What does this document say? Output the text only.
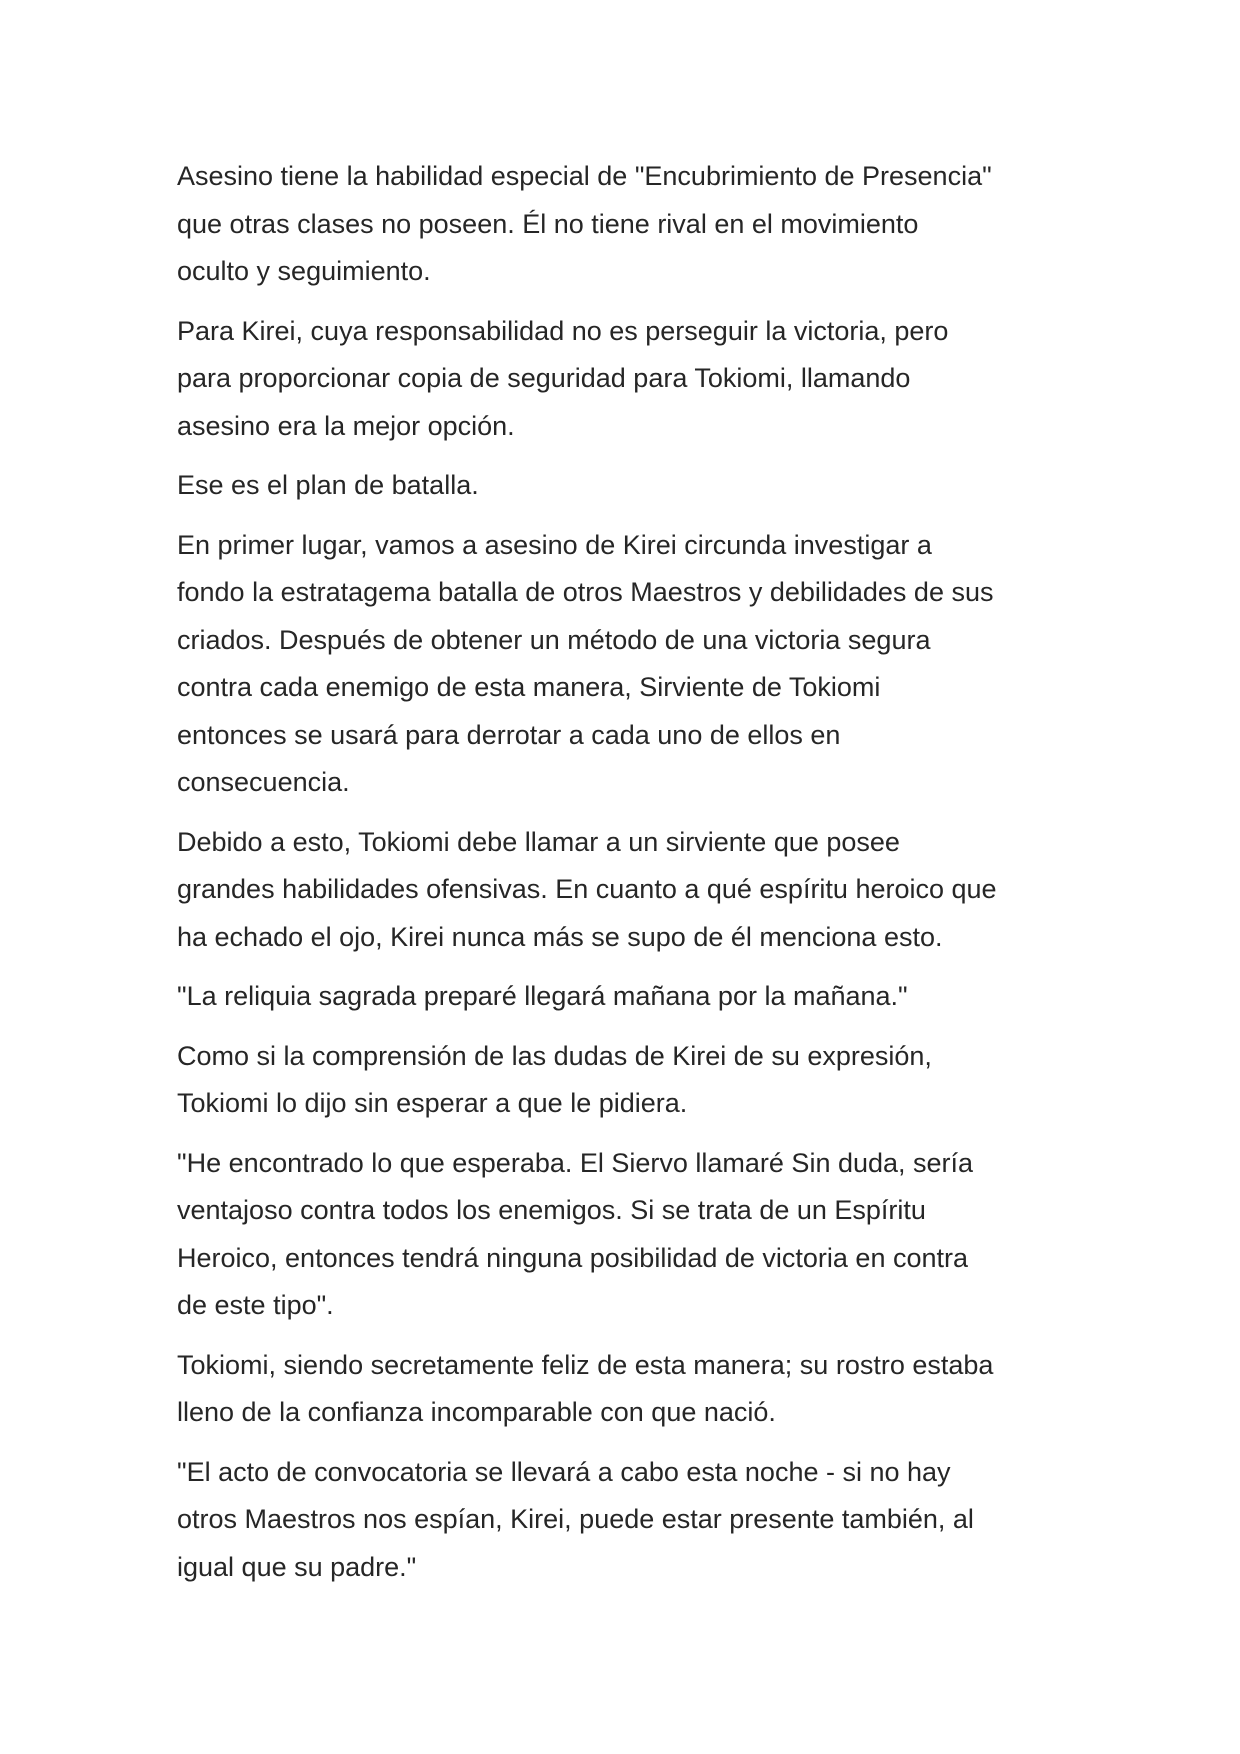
Asesino tiene la habilidad especial de "Encubrimiento de Presencia"
que otras clases no poseen. Él no tiene rival en el movimiento
oculto y seguimiento.
Para Kirei, cuya responsabilidad no es perseguir la victoria, pero
para proporcionar copia de seguridad para Tokiomi, llamando
asesino era la mejor opción.
Ese es el plan de batalla.
En primer lugar, vamos a asesino de Kirei circunda investigar a
fondo la estratagema batalla de otros Maestros y debilidades de sus
criados. Después de obtener un método de una victoria segura
contra cada enemigo de esta manera, Sirviente de Tokiomi
entonces se usará para derrotar a cada uno de ellos en
consecuencia.
Debido a esto, Tokiomi debe llamar a un sirviente que posee
grandes habilidades ofensivas. En cuanto a qué espíritu heroico que
ha echado el ojo, Kirei nunca más se supo de él menciona esto.
"La reliquia sagrada preparé llegará mañana por la mañana."
Como si la comprensión de las dudas de Kirei de su expresión,
Tokiomi lo dijo sin esperar a que le pidiera.
"He encontrado lo que esperaba. El Siervo llamaré Sin duda, sería
ventajoso contra todos los enemigos. Si se trata de un Espíritu
Heroico, entonces tendrá ninguna posibilidad de victoria en contra
de este tipo".
Tokiomi, siendo secretamente feliz de esta manera; su rostro estaba
lleno de la confianza incomparable con que nació.
"El acto de convocatoria se llevará a cabo esta noche - si no hay
otros Maestros nos espían, Kirei, puede estar presente también, al
igual que su padre."
